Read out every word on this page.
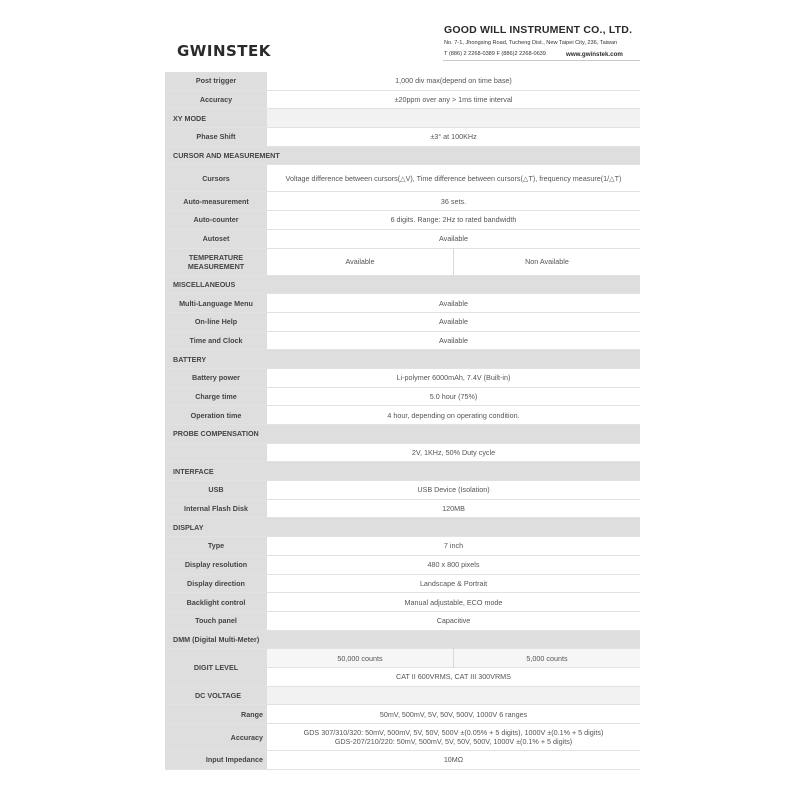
GWINSTEK
GOOD WILL INSTRUMENT CO., LTD.
No. 7-1, Jhongsing Road, Tucheng Dist., New Taipei City, 236, Taiwan
T (886) 2 2268-0389 F (886)2 2268-0639	www.gwinstek.com
Post trigger	1,000 div max(depend on time base)	
Accuracy	±20ppm over any > 1ms time interval	
XY MODE		
Phase Shift	±3° at 100KHz	
CURSOR AND MEASUREMENT		
Cursors	Voltage difference between cursors(△V), Time difference between cursors(△T), frequency measure(1/△T)	
Auto-measurement	36 sets.	
Auto-counter	6 digits. Range: 2Hz to rated bandwidth	
Autoset	Available	
TEMPERATURE MEASUREMENT	Available	Non Available
MISCELLANEOUS		
Multi-Language Menu	Available	
On-line Help	Available	
Time and Clock	Available	
BATTERY		
Battery power	Li-polymer 6000mAh, 7.4V (Built-in)	
Charge time	5.0 hour (75%)	
Operation time	4 hour, depending on operating condition.	
PROBE COMPENSATION		
	2V, 1KHz, 50% Duty cycle	
INTERFACE		
USB	USB Device (Isolation)	
Internal Flash Disk	120MB	
DISPLAY		
Type	7 inch	
Display resolution	480 x 800 pixels	
Display direction	Landscape & Portrait	
Backlight control	Manual adjustable, ECO mode	
Touch panel	Capacitive	
DMM (Digital Multi-Meter)		
DIGIT LEVEL	50,000 counts	5,000 counts
	CAT II 600VRMS, CAT III 300VRMS	
DC VOLTAGE		
Range	50mV, 500mV, 5V, 50V, 500V, 1000V 6 ranges	
Accuracy	GDS 307/310/320: 50mV, 500mV, 5V, 50V, 500V ±(0.05% + 5 digits), 1000V ±(0.1% + 5 digits)
GDS-207/210/220: 50mV, 500mV, 5V, 50V, 500V, 1000V ±(0.1% + 5 digits)	

Input Impedance	10MΩ	
